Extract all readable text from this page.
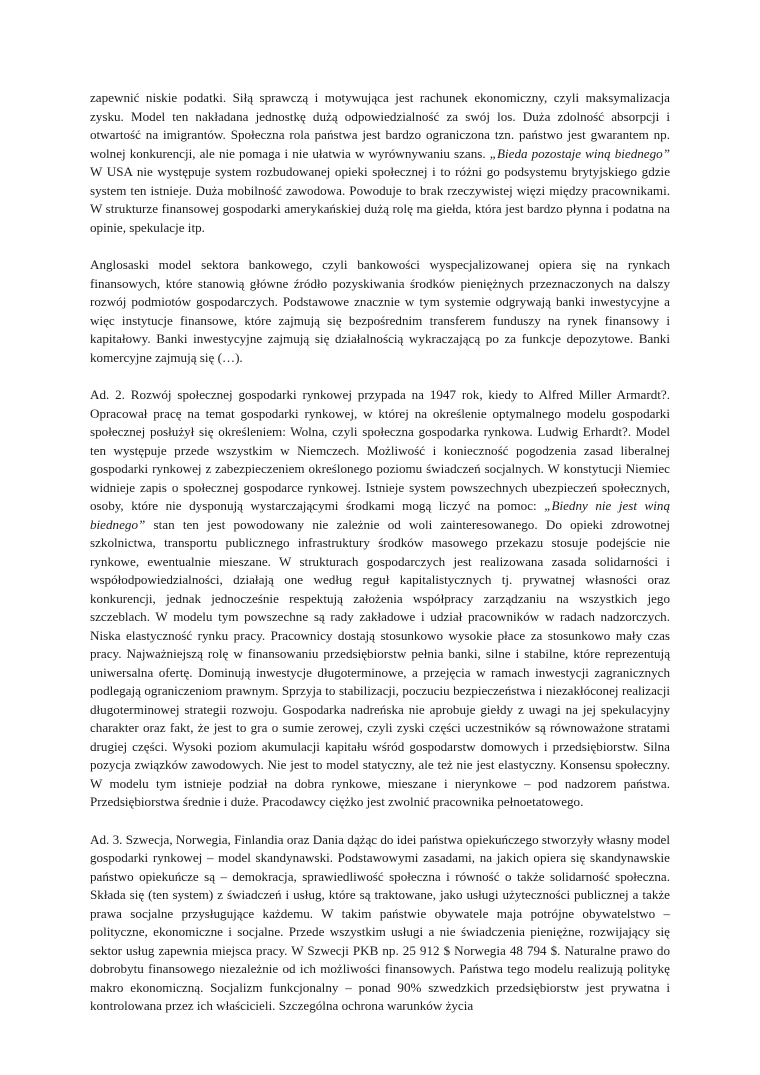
zapewnić niskie podatki. Siłą sprawczą i motywująca jest rachunek ekonomiczny, czyli maksymalizacja zysku. Model ten nakładana jednostkę dużą odpowiedzialność za swój los. Duża zdolność absorpcji i otwartość na imigrantów. Społeczna rola państwa jest bardzo ograniczona tzn. państwo jest gwarantem np. wolnej konkurencji, ale nie pomaga i nie ułatwia w wyrównywaniu szans. „Bieda pozostaje winą biednego” W USA nie występuje system rozbudowanej opieki społecznej i to różni go podsystemu brytyjskiego gdzie system ten istnieje. Duża mobilność zawodowa. Powoduje to brak rzeczywistej więzi między pracownikami. W strukturze finansowej gospodarki amerykańskiej dużą rolę ma giełda, która jest bardzo płynna i podatna na opinie, spekulacje itp.

Anglosaski model sektora bankowego, czyli bankowości wyspecjalizowanej opiera się na rynkach finansowych, które stanowią główne źródło pozyskiwania środków pieniężnych przeznaczonych na dalszy rozwój podmiotów gospodarczych. Podstawowe znacznie w tym systemie odgrywają banki inwestycyjne a więc instytucje finansowe, które zajmują się bezpośrednim transferem funduszy na rynek finansowy i kapitałowy. Banki inwestycyjne zajmują się działalnością wykraczającą po za funkcje depozytowe. Banki komercyjne zajmują się (…).

Ad. 2. Rozwój społecznej gospodarki rynkowej przypada na 1947 rok, kiedy to Alfred Miller Armardt?. Opracował pracę na temat gospodarki rynkowej, w której na określenie optymalnego modelu gospodarki społecznej posłużył się określeniem: Wolna, czyli społeczna gospodarka rynkowa. Ludwig Erhardt?. Model ten występuje przede wszystkim w Niemczech. Możliwość i konieczność pogodzenia zasad liberalnej gospodarki rynkowej z zabezpieczeniem określonego poziomu świadczeń socjalnych. W konstytucji Niemiec widnieje zapis o społecznej gospodarce rynkowej. Istnieje system powszechnych ubezpieczeń społecznych, osoby, które nie dysponują wystarczającymi środkami mogą liczyć na pomoc: „Biedny nie jest winą biednego” stan ten jest powodowany nie zależnie od woli zainteresowanego. Do opieki zdrowotnej szkolnictwa, transportu publicznego infrastruktury środków masowego przekazu stosuje podejście nie rynkowe, ewentualnie mieszane. W strukturach gospodarczych jest realizowana zasada solidarności i współodpowiedzialności, działają one według reguł kapitalistycznych tj. prywatnej własności oraz konkurencji, jednak jednocześnie respektują założenia współpracy zarządzaniu na wszystkich jego szczeblach. W modelu tym powszechne są rady zakładowe i udział pracowników w radach nadzorczych. Niska elastyczność rynku pracy. Pracownicy dostają stosunkowo wysokie płace za stosunkowo mały czas pracy. Najważniejszą rolę w finansowaniu przedsiębiorstw pełnia banki, silne i stabilne, które reprezentują uniwersalna ofertę. Dominują inwestycje długoterminowe, a przejęcia w ramach inwestycji zagranicznych podlegają ograniczeniom prawnym. Sprzyja to stabilizacji, poczuciu bezpieczeństwa i niezakłóconej realizacji długoterminowej strategii rozwoju. Gospodarka nadreńska nie aprobuje giełdy z uwagi na jej spekulacyjny charakter oraz fakt, że jest to gra o sumie zerowej, czyli zyski części uczestników są równoważone stratami drugiej części. Wysoki poziom akumulacji kapitału wśród gospodarstw domowych i przedsiębiorstw. Silna pozycja związków zawodowych. Nie jest to model statyczny, ale też nie jest elastyczny. Konsensu społeczny. W modelu tym istnieje podział na dobra rynkowe, mieszane i nierynkowe – pod nadzorem państwa. Przedsiębiorstwa średnie i duże. Pracodawcy ciężko jest zwolnić pracownika pełnoetatowego.

Ad. 3. Szwecja, Norwegia, Finlandia oraz Dania dążąc do idei państwa opiekuńczego stworzyły własny model gospodarki rynkowej – model skandynawski. Podstawowymi zasadami, na jakich opiera się skandynawskie państwo opiekuńcze są – demokracja, sprawiedliwość społeczna i równość o także solidarność społeczna. Składa się (ten system) z świadczeń i usług, które są traktowane, jako usługi użyteczności publicznej a także prawa socjalne przysługujące każdemu. W takim państwie obywatele maja potrójne obywatelstwo – polityczne, ekonomiczne i socjalne. Przede wszystkim usługi a nie świadczenia pieniężne, rozwijający się sektor usług zapewnia miejsca pracy. W Szwecji PKB np. 25 912 $ Norwegia 48 794 $. Naturalne prawo do dobrobytu finansowego niezależnie od ich możliwości finansowych. Państwa tego modelu realizują politykę makro ekonomiczną. Socjalizm funkcjonalny – ponad 90% szwedzkich przedsiębiorstw jest prywatna i kontrolowana przez ich właścicieli. Szczególna ochrona warunków życia
